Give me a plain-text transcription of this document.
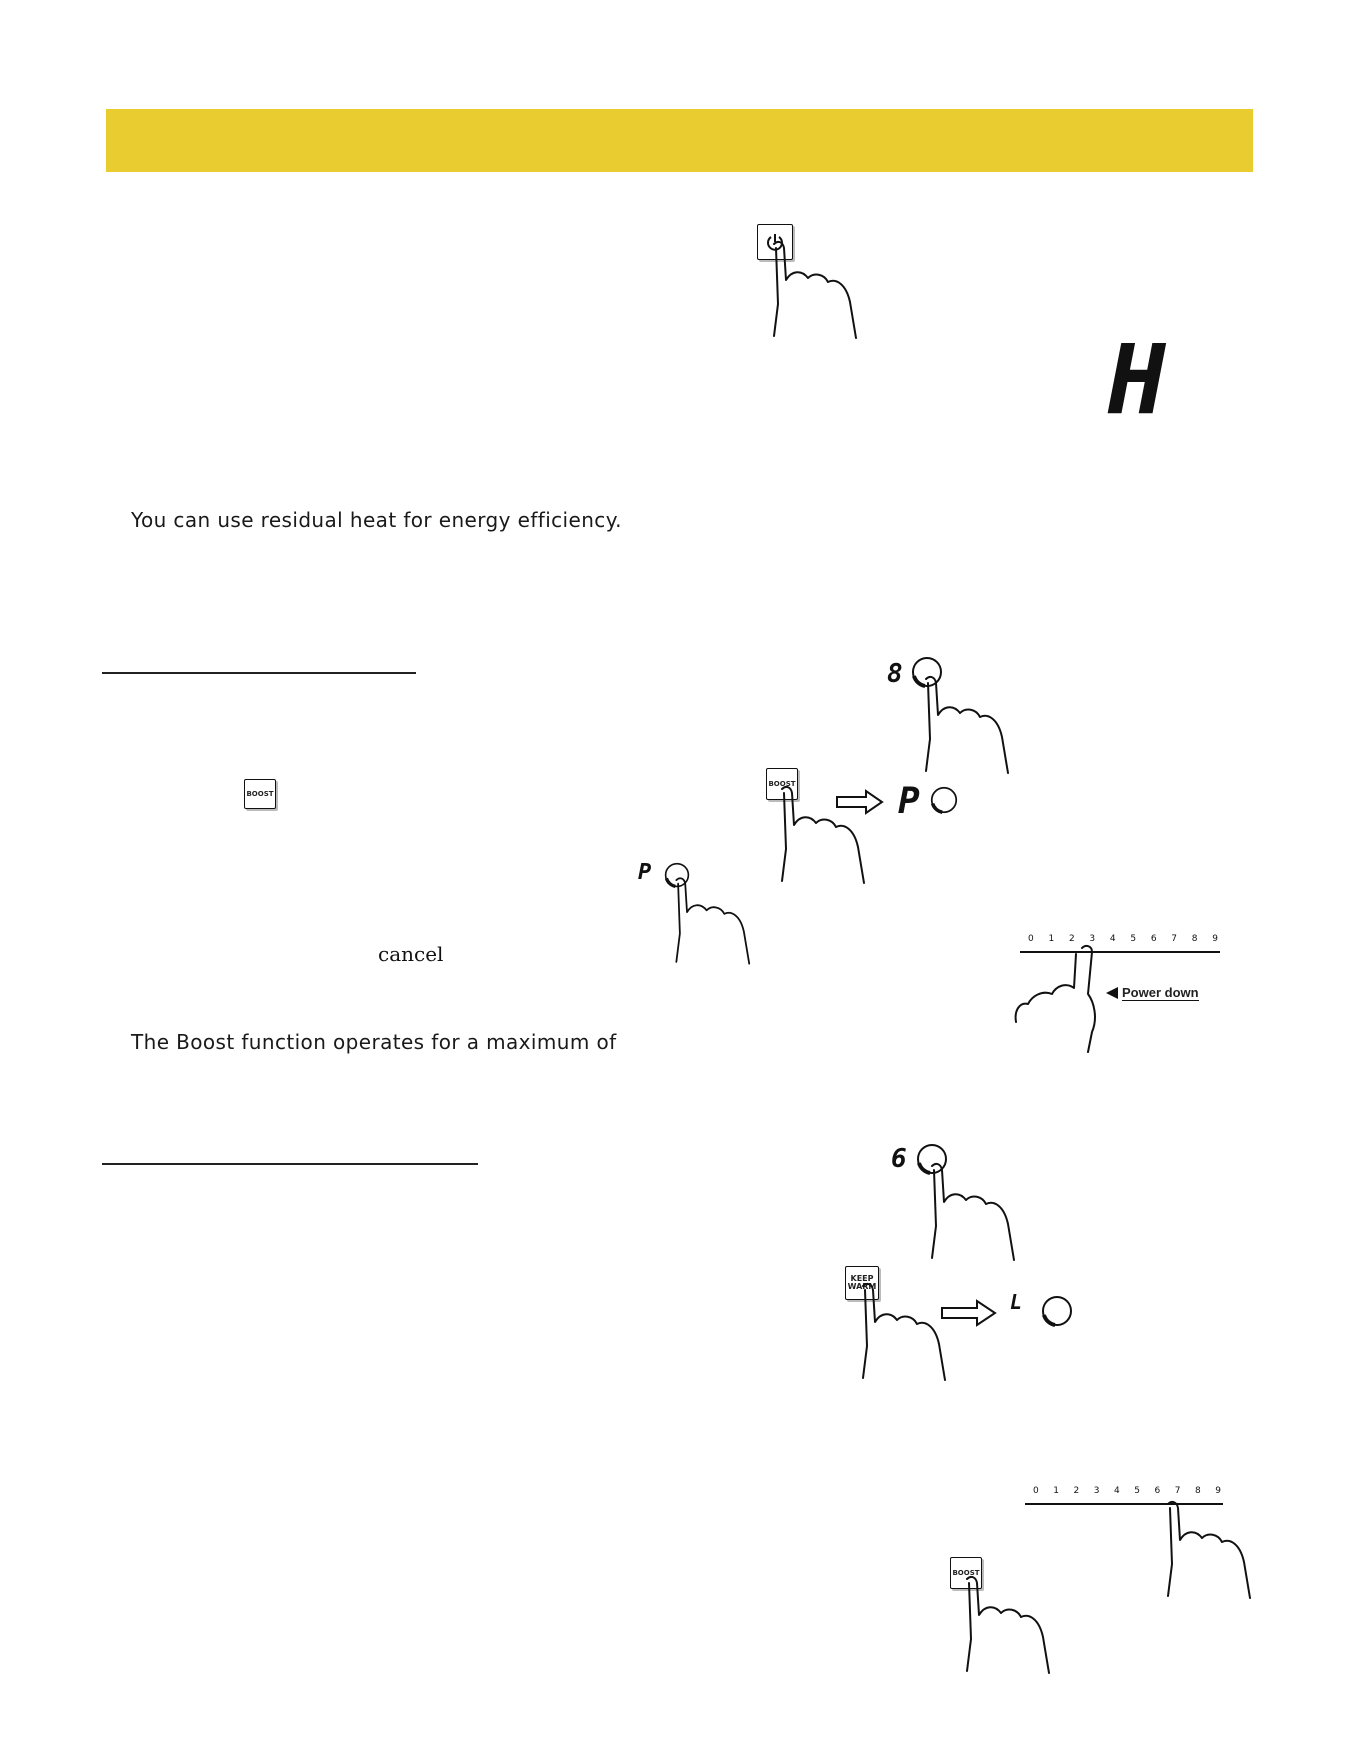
H
You can use residual heat for energy efficiency.
8
BOOST
BOOST	P
P
cancel
0 1 2 3 4 5 6 7 8 9
Power down
The Boost function operates for a maximum of
6
KEEP
WARM
L
0 1 2 3 4 5 6 7 8 9
BOOST
